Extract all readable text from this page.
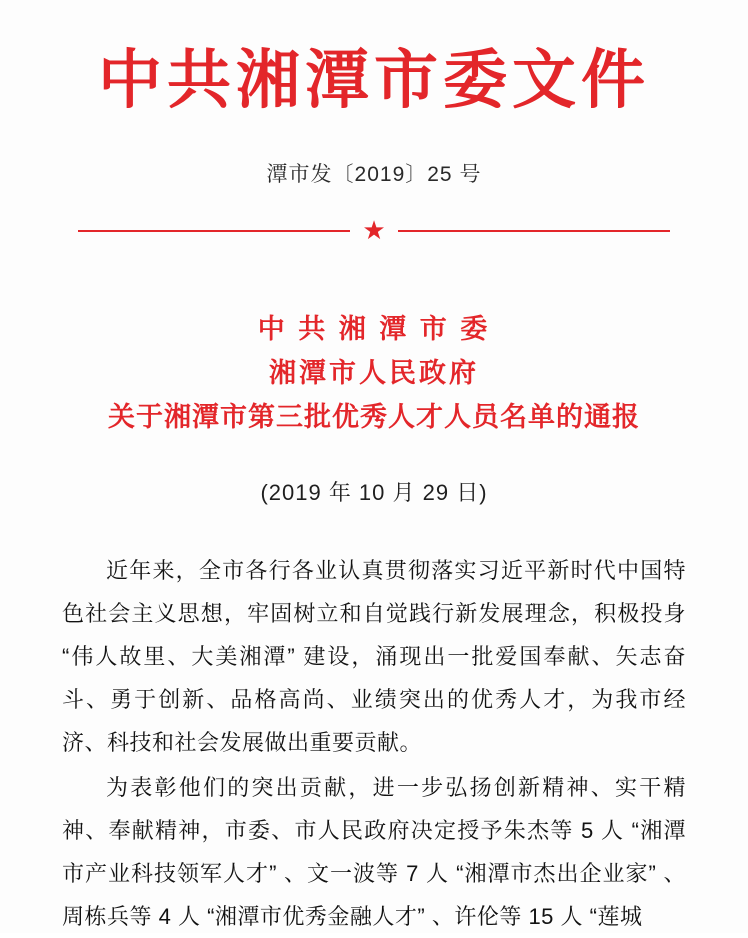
中共湘潭市委文件
潭市发〔2019〕25 号
★
中 共 湘 潭 市 委
湘潭市人民政府
关于湘潭市第三批优秀人才人员名单的通报
(2019 年 10 月 29 日)

近年来，全市各行各业认真贯彻落实习近平新时代中国特色社会主义思想，牢固树立和自觉践行新发展理念，积极投身 “伟人故里、大美湘潭” 建设，涌现出一批爱国奉献、矢志奋斗、勇于创新、品格高尚、业绩突出的优秀人才，为我市经济、科技和社会发展做出重要贡献。

为表彰他们的突出贡献，进一步弘扬创新精神、实干精神、奉献精神，市委、市人民政府决定授予朱杰等 5 人 “湘潭市产业科技领军人才” 、文一波等 7 人 “湘潭市杰出企业家” 、周栋兵等 4 人 “湘潭市优秀金融人才” 、许伦等 15 人 “莲城
